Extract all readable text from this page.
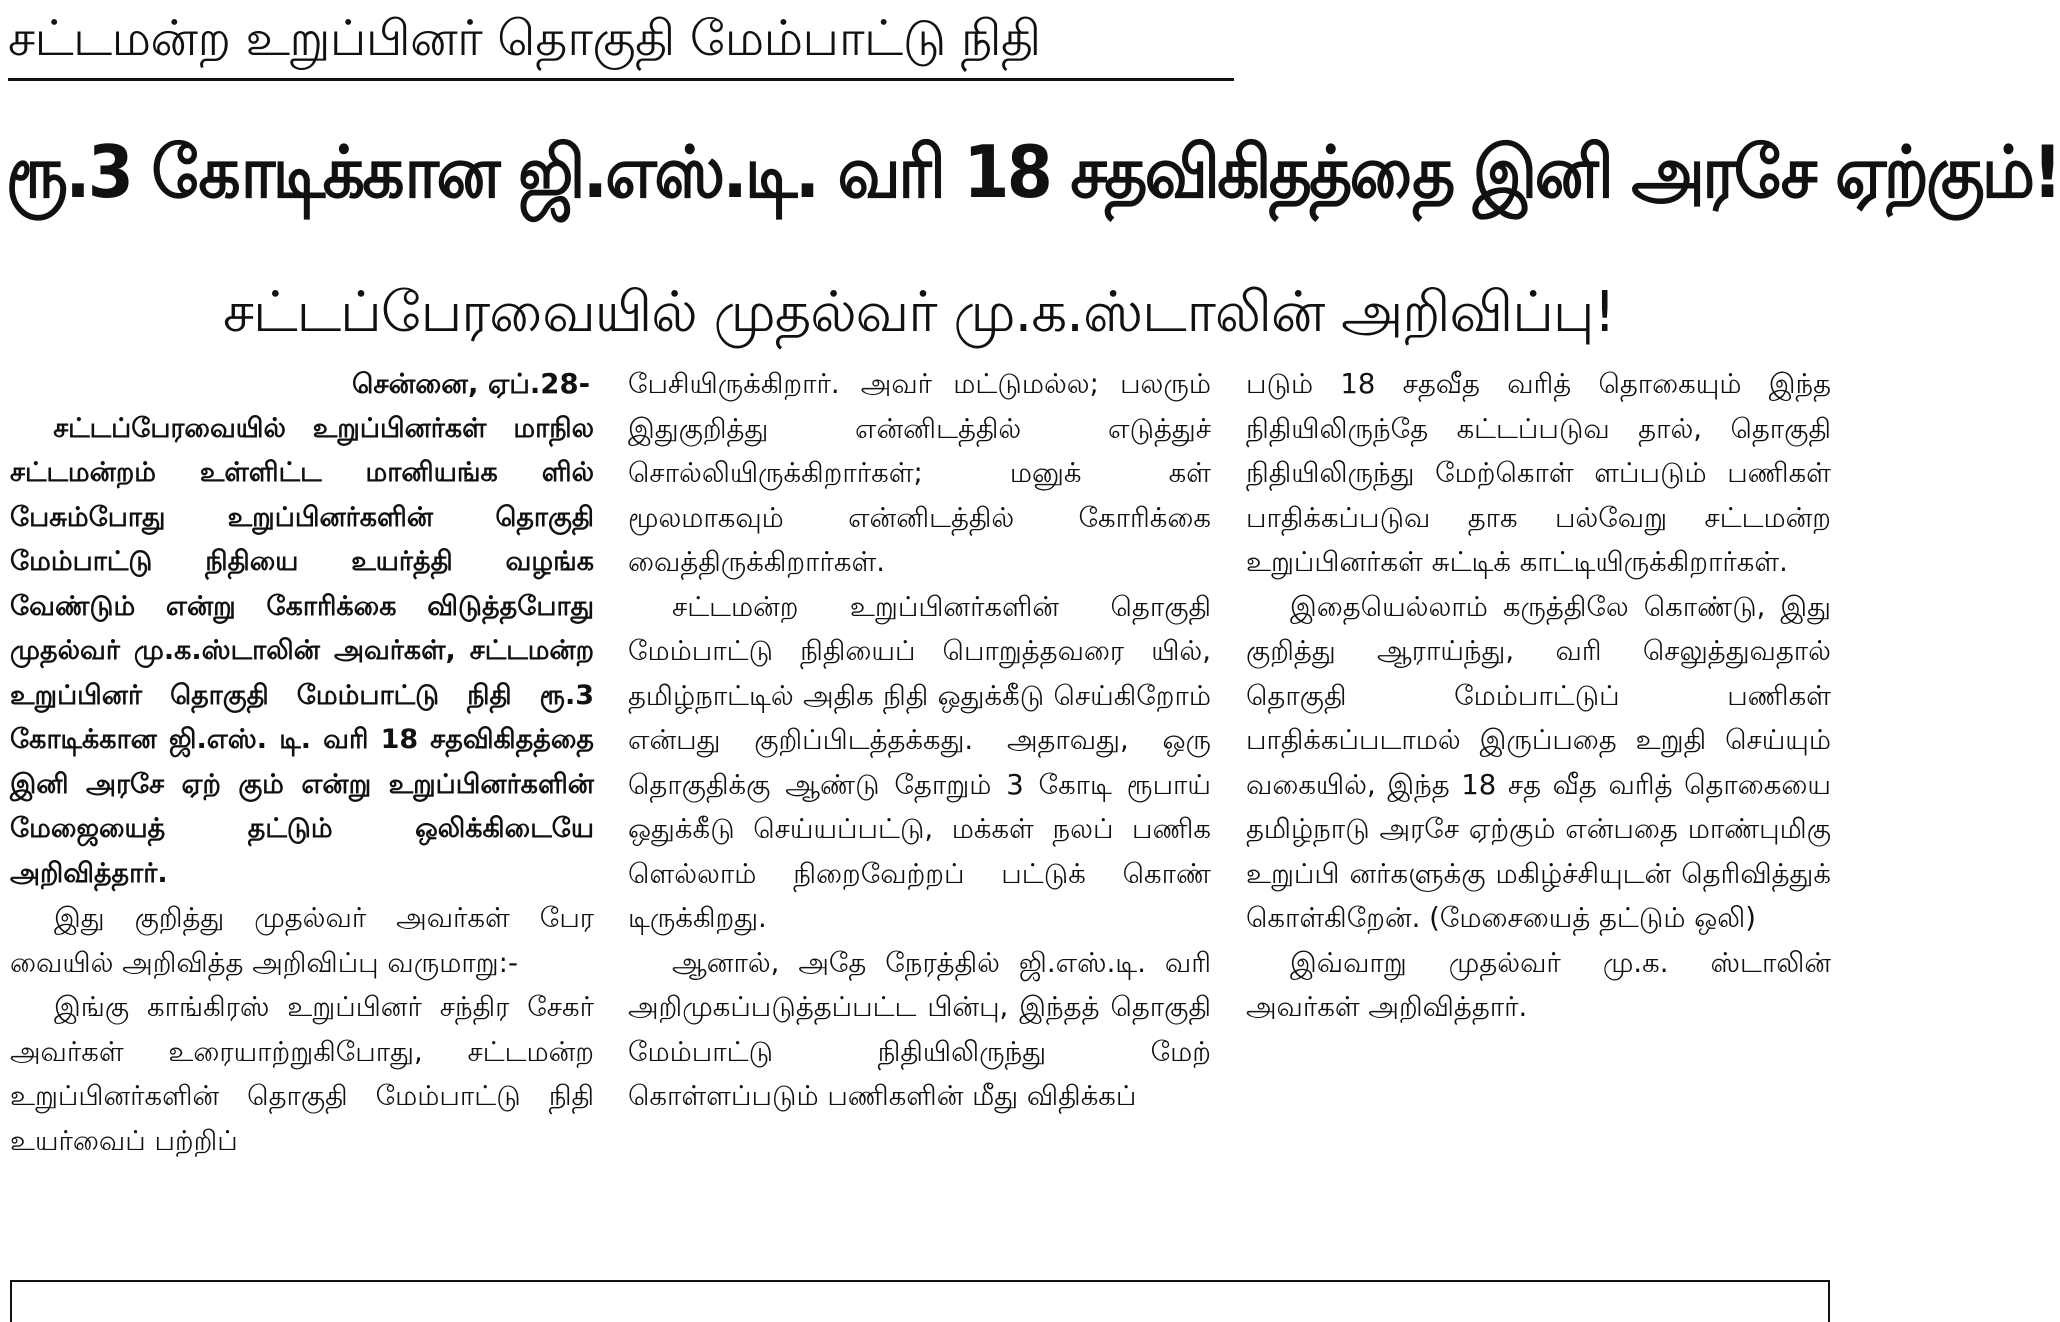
சட்டமன்ற உறுப்பினர் தொகுதி மேம்பாட்டு நிதி
ரூ.3 கோடிக்கான ஜி.எஸ்.டி. வரி 18 சதவிகிதத்தை இனி அரசே ஏற்கும்!
சட்டப்பேரவையில் முதல்வர் மு.க.ஸ்டாலின் அறிவிப்பு!
சென்னை, ஏப்.28-

சட்டப்பேரவையில் உறுப்பினர்கள் மாநில சட்டமன்றம் உள்ளிட்ட மானியங்க ளில் பேசும்போது உறுப்பினர்களின் தொகுதி மேம்பாட்டு நிதியை உயர்த்தி வழங்க வேண்டும் என்று கோரிக்கை விடுத்தபோது முதல்வர் மு.க.ஸ்டாலின் அவர்கள், சட்டமன்ற உறுப்பினர் தொகுதி மேம்பாட்டு நிதி ரூ.3 கோடிக்கான ஜி.எஸ். டி. வரி 18 சதவிகிதத்தை இனி அரசே ஏற் கும் என்று உறுப்பினர்களின் மேஜையைத் தட்டும் ஒலிக்கிடையே அறிவித்தார்.

இது குறித்து முதல்வர் அவர்கள் பேர வையில் அறிவித்த அறிவிப்பு வருமாறு:-

இங்கு காங்கிரஸ் உறுப்பினர் சந்திர சேகர் அவர்கள் உரையாற்றுகிபோது, சட்டமன்ற உறுப்பினர்களின் தொகுதி மேம்பாட்டு நிதி உயர்வைப் பற்றிப்

பேசியிருக்கிறார். அவர் மட்டுமல்ல; பலரும் இதுகுறித்து என்னிடத்தில் எடுத்துச் சொல்லியிருக்கிறார்கள்; மனுக் கள் மூலமாகவும் என்னிடத்தில் கோரிக்கை வைத்திருக்கிறார்கள்.

சட்டமன்ற உறுப்பினர்களின் தொகுதி மேம்பாட்டு நிதியைப் பொறுத்தவரை யில், தமிழ்நாட்டில் அதிக நிதி ஒதுக்கீடு செய்கிறோம் என்பது குறிப்பிடத்தக்கது. அதாவது, ஒரு தொகுதிக்கு ஆண்டு தோறும் 3 கோடி ரூபாய் ஒதுக்கீடு செய்யப்பட்டு, மக்கள் நலப் பணிக ளெல்லாம் நிறைவேற்றப் பட்டுக் கொண் டிருக்கிறது.

ஆனால், அதே நேரத்தில் ஜி.எஸ்.டி. வரி அறிமுகப்படுத்தப்பட்ட பின்பு, இந்தத் தொகுதி மேம்பாட்டு நிதியிலிருந்து மேற் கொள்ளப்படும் பணிகளின் மீது விதிக்கப்

படும் 18 சதவீத வரித் தொகையும் இந்த நிதியிலிருந்தே கட்டப்படுவ தால், தொகுதி நிதியிலிருந்து மேற்கொள் ளப்படும் பணிகள் பாதிக்கப்படுவ தாக பல்வேறு சட்டமன்ற உறுப்பினர்கள் சுட்டிக் காட்டியிருக்கிறார்கள்.

இதையெல்லாம் கருத்திலே கொண்டு, இது குறித்து ஆராய்ந்து, வரி செலுத்துவதால் தொகுதி மேம்பாட்டுப் பணிகள் பாதிக்கப்படாமல் இருப்பதை உறுதி செய்யும் வகையில், இந்த 18 சத வீத வரித் தொகையை தமிழ்நாடு அரசே ஏற்கும் என்பதை மாண்புமிகு உறுப்பி னர்களுக்கு மகிழ்ச்சியுடன் தெரிவித்துக் கொள்கிறேன். (மேசையைத் தட்டும் ஒலி)

இவ்வாறு முதல்வர் மு.க. ஸ்டாலின் அவர்கள் அறிவித்தார்.
